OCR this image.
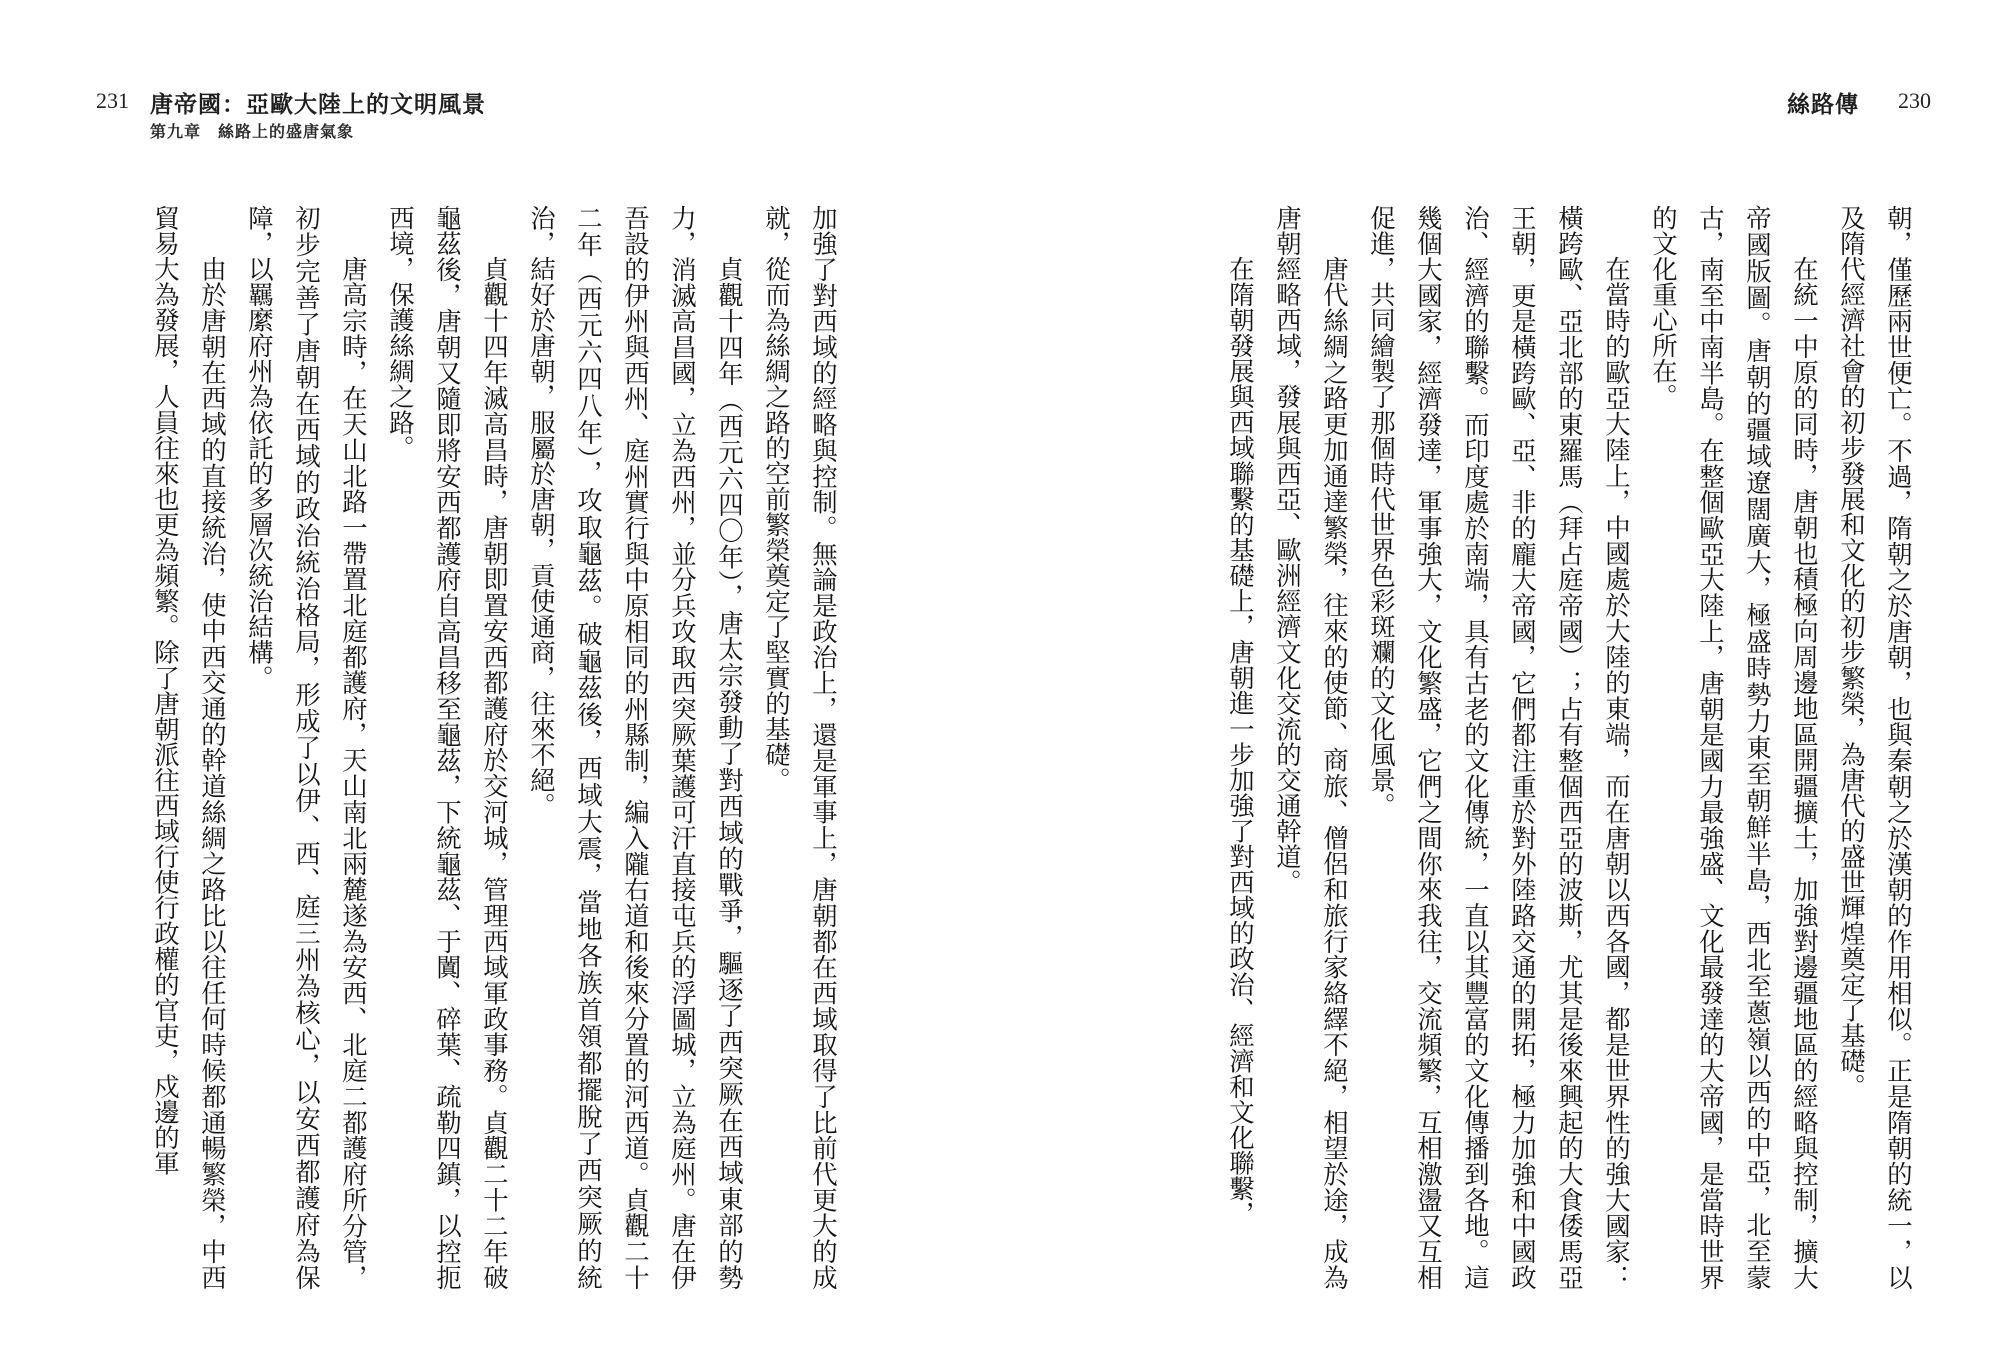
231 唐帝國：亞歐大陸上的文明風景
第九章　絲路上的盛唐氣象

加強了對西域的經略與控制。無論是政治上，還是軍事上，唐朝都在西域取得了比前代更大的成就，從而為絲綢之路的空前繁榮奠定了堅實的基礎。

貞觀十四年（西元六四〇年），唐太宗發動了對西域的戰爭，驅逐了西突厥在西域東部的勢力，消滅高昌國，立為西州，並分兵攻取西突厥葉護可汗直接屯兵的浮圖城，立為庭州。唐在伊吾設的伊州與西州、庭州實行與中原相同的州縣制，編入隴右道和後來分置的河西道。貞觀二十二年（西元六四八年），攻取龜茲。破龜茲後，西域大震，當地各族首領都擺脫了西突厥的統治，結好於唐朝，服屬於唐朝，貢使通商，往來不絕。

貞觀十四年滅高昌時，唐朝即置安西都護府於交河城，管理西域軍政事務。貞觀二十二年破龜茲後，唐朝又隨即將安西都護府自高昌移至龜茲，下統龜茲、于闐、碎葉、疏勒四鎮，以控扼西境，保護絲綢之路。

唐高宗時，在天山北路一帶置北庭都護府，天山南北兩麓遂為安西、北庭二都護府所分管，初步完善了唐朝在西域的政治統治格局，形成了以伊、西、庭三州為核心，以安西都護府為保障，以羈縻府州為依託的多層次統治結構。

由於唐朝在西域的直接統治，使中西交通的幹道絲綢之路比以往任何時候都通暢繁榮，中西貿易大為發展，人員往來也更為頻繁。除了唐朝派往西域行使行政權的官吏，戍邊的軍

絲路傳 230

朝，僅歷兩世便亡。不過，隋朝之於唐朝，也與秦朝之於漢朝的作用相似。正是隋朝的統一，以及隋代經濟社會的初步發展和文化的初步繁榮，為唐代的盛世輝煌奠定了基礎。

在統一中原的同時，唐朝也積極向周邊地區開疆擴土，加強對邊疆地區的經略與控制，擴大帝國版圖。唐朝的疆域遼闊廣大，極盛時勢力東至朝鮮半島，西北至蔥嶺以西的中亞，北至蒙古，南至中南半島。在整個歐亞大陸上，唐朝是國力最強盛、文化最發達的大帝國，是當時世界的文化重心所在。

在當時的歐亞大陸上，中國處於大陸的東端，而在唐朝以西各國，都是世界性的強大國家：橫跨歐、亞北部的東羅馬（拜占庭帝國）；占有整個西亞的波斯，尤其是後來興起的大食倭馬亞王朝，更是橫跨歐、亞、非的龐大帝國，它們都注重於對外陸路交通的開拓，極力加強和中國政治、經濟的聯繫。而印度處於南端，具有古老的文化傳統，一直以其豐富的文化傳播到各地。這幾個大國家，經濟發達，軍事強大，文化繁盛，它們之間你來我往，交流頻繁，互相激盪又互相促進，共同繪製了那個時代世界色彩斑斕的文化風景。

唐代絲綢之路更加通達繁榮，往來的使節、商旅、僧侶和旅行家絡繹不絕，相望於途，成為唐朝經略西域，發展與西亞、歐洲經濟文化交流的交通幹道。

在隋朝發展與西域聯繫的基礎上，唐朝進一步加強了對西域的政治、經濟和文化聯繫，
